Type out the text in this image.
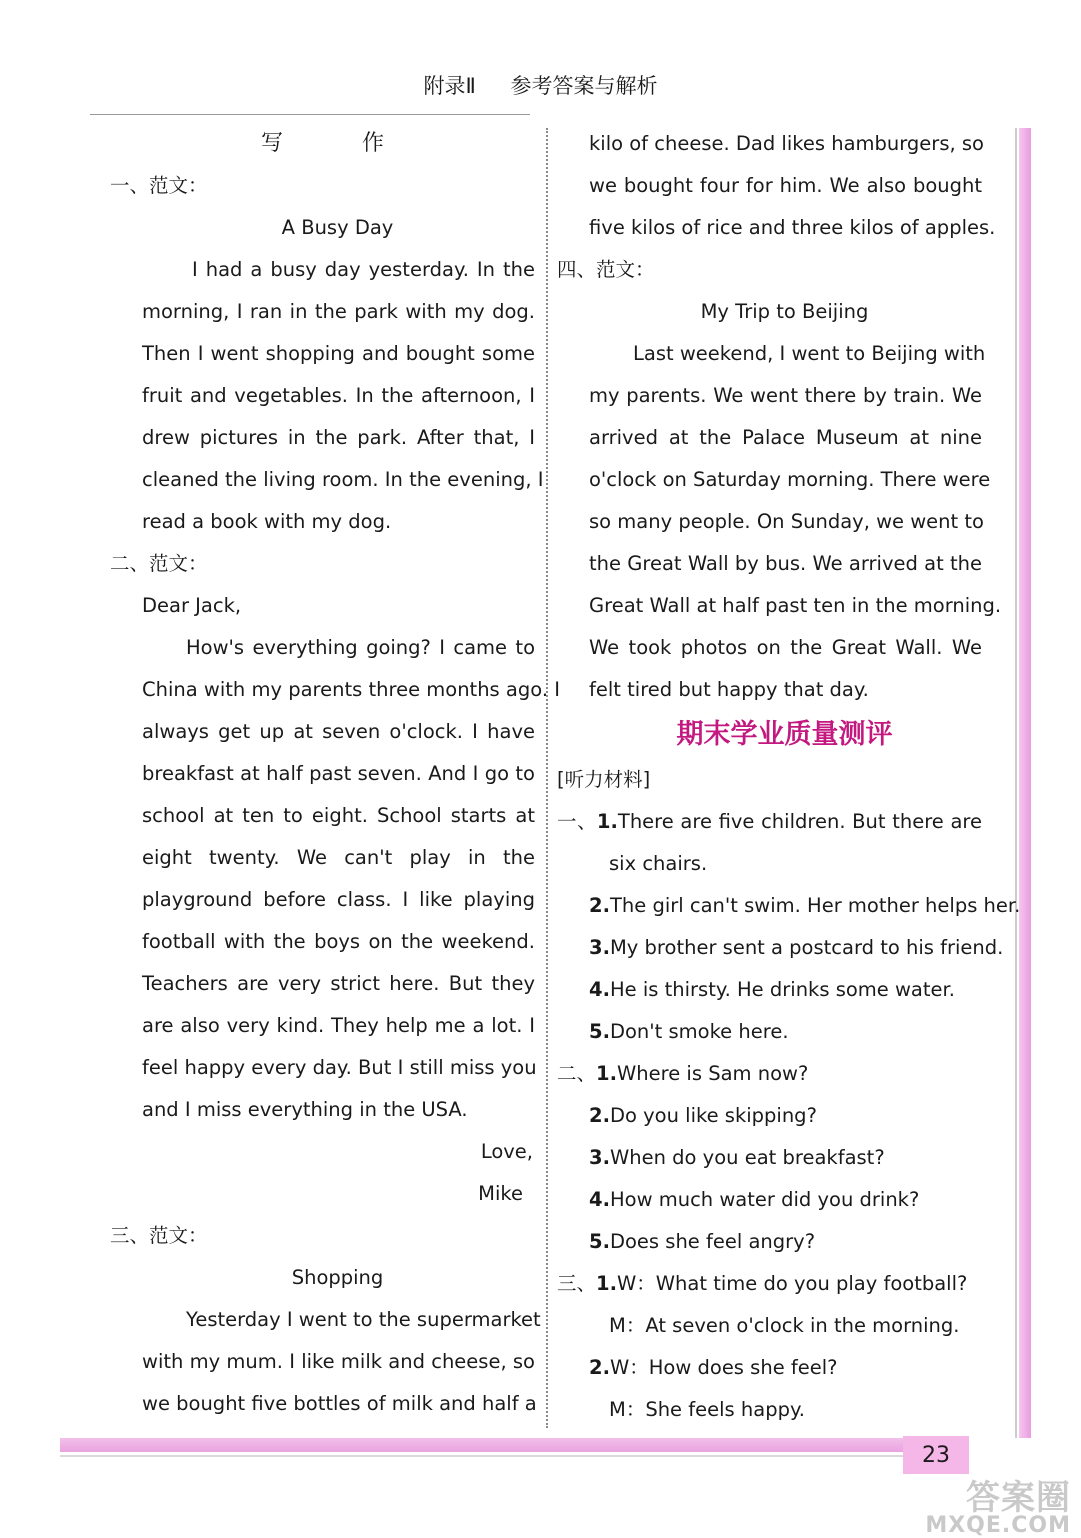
附录Ⅱ 参考答案与解析
23
答案圈
MXQE.COM
写 作
一、范文：
A Busy Day
I had a busy day yesterday. In the
morning, I ran in the park with my dog.
Then I went shopping and bought some
fruit and vegetables. In the afternoon, I
drew pictures in the park. After that, I
cleaned the living room. In the evening, I
read a book with my dog.
二、范文：
Dear Jack,
How's everything going? I came to
China with my parents three months ago. I
always get up at seven o'clock. I have
breakfast at half past seven. And I go to
school at ten to eight. School starts at
eight twenty. We can't play in the
playground before class. I like playing
football with the boys on the weekend.
Teachers are very strict here. But they
are also very kind. They help me a lot. I
feel happy every day. But I still miss you
and I miss everything in the USA.
Love,
Mike
三、范文：
Shopping
Yesterday I went to the supermarket
with my mum. I like milk and cheese, so
we bought five bottles of milk and half a
kilo of cheese. Dad likes hamburgers, so
we bought four for him. We also bought
five kilos of rice and three kilos of apples.
四、范文：
My Trip to Beijing
Last weekend, I went to Beijing with
my parents. We went there by train. We
arrived at the Palace Museum at nine
o'clock on Saturday morning. There were
so many people. On Sunday, we went to
the Great Wall by bus. We arrived at the
Great Wall at half past ten in the morning.
We took photos on the Great Wall. We
felt tired but happy that day.
期末学业质量测评
[听力材料]
一、1.There are five children. But there are
six chairs.
2.The girl can't swim. Her mother helps her.
3.My brother sent a postcard to his friend.
4.He is thirsty. He drinks some water.
5.Don't smoke here.
二、1.Where is Sam now?
2.Do you like skipping?
3.When do you eat breakfast?
4.How much water did you drink?
5.Does she feel angry?
三、1.W：What time do you play football?
M：At seven o'clock in the morning.
2.W：How does she feel?
M：She feels happy.
